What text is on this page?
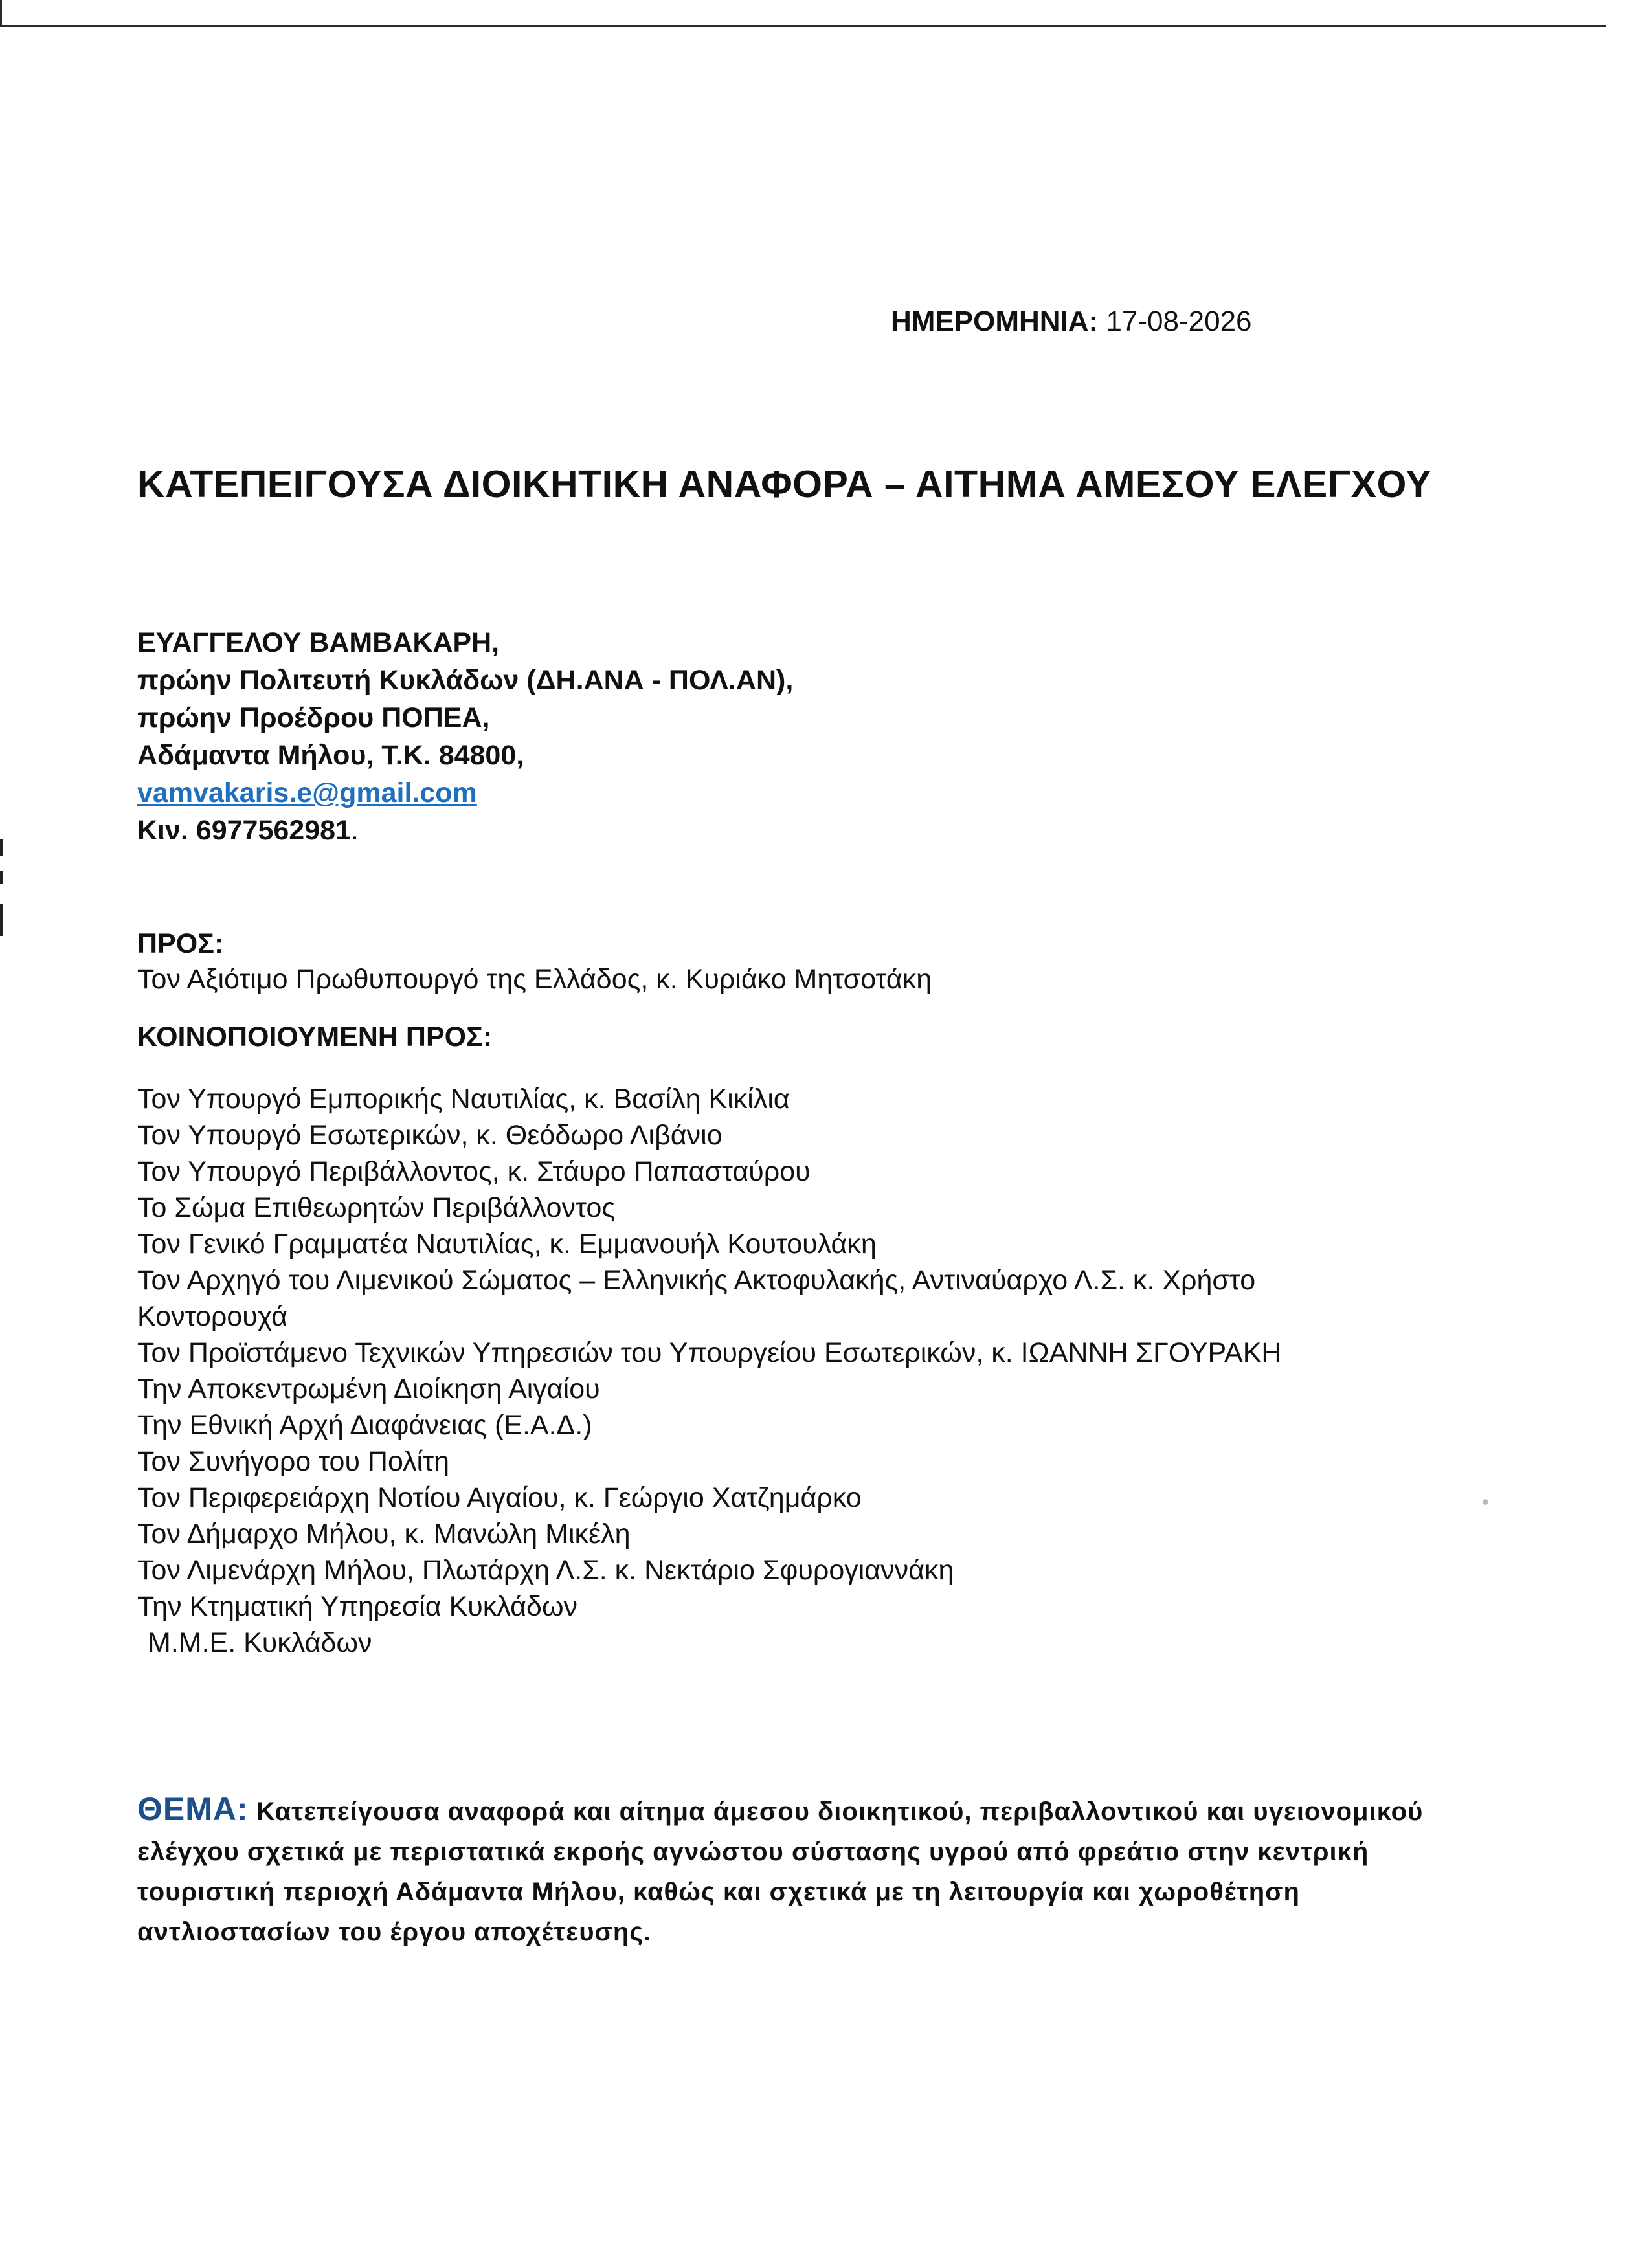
ΗΜΕΡΟΜΗΝΙΑ: 17-08-2026
ΚΑΤΕΠΕΙΓΟΥΣΑ ΔΙΟΙΚΗΤΙΚΗ ΑΝΑΦΟΡΑ – ΑΙΤΗΜΑ ΑΜΕΣΟΥ ΕΛΕΓΧΟΥ
ΕΥΑΓΓΕΛΟΥ ΒΑΜΒΑΚΑΡΗ,
πρώην Πολιτευτή Κυκλάδων (ΔΗ.ΑΝΑ - ΠΟΛ.ΑΝ),
πρώην Προέδρου ΠΟΠΕΑ,
Αδάμαντα Μήλου, Τ.Κ. 84800,
vamvakaris.e@gmail.com
Κιν. 6977562981.
ΠΡΟΣ:
Τον Αξιότιμο Πρωθυπουργό της Ελλάδος, κ. Κυριάκο Μητσοτάκη
ΚΟΙΝΟΠΟΙΟΥΜΕΝΗ ΠΡΟΣ:
Τον Υπουργό Εμπορικής Ναυτιλίας, κ. Βασίλη Κικίλια
Τον Υπουργό Εσωτερικών, κ. Θεόδωρο Λιβάνιο
Τον Υπουργό Περιβάλλοντος, κ. Στάυρο Παπασταύρου
Το Σώμα Επιθεωρητών Περιβάλλοντος
Τον Γενικό Γραμματέα Ναυτιλίας, κ. Εμμανουήλ Κουτουλάκη
Τον Αρχηγό του Λιμενικού Σώματος – Ελληνικής Ακτοφυλακής, Αντιναύαρχο Λ.Σ. κ. Χρήστο
Κοντορουχά
Τον Προϊστάμενο Τεχνικών Υπηρεσιών του Υπουργείου Εσωτερικών, κ. ΙΩΑΝΝΗ ΣΓΟΥΡΑΚΗ
Την Αποκεντρωμένη Διοίκηση Αιγαίου
Την Εθνική Αρχή Διαφάνειας (Ε.Α.Δ.)
Τον Συνήγορο του Πολίτη
Τον Περιφερειάρχη Νοτίου Αιγαίου, κ. Γεώργιο Χατζημάρκο
Τον Δήμαρχο Μήλου, κ. Μανώλη Μικέλη
Τον Λιμενάρχη Μήλου, Πλωτάρχη Λ.Σ. κ. Νεκτάριο Σφυρογιαννάκη
Την Κτηματική Υπηρεσία Κυκλάδων
Μ.Μ.Ε. Κυκλάδων
ΘΕΜΑ: Κατεπείγουσα αναφορά και αίτημα άμεσου διοικητικού, περιβαλλοντικού και υγειονομικού ελέγχου σχετικά με περιστατικά εκροής αγνώστου σύστασης υγρού από φρεάτιο στην κεντρική τουριστική περιοχή Αδάμαντα Μήλου, καθώς και σχετικά με τη λειτουργία και χωροθέτηση αντλιοστασίων του έργου αποχέτευσης.
